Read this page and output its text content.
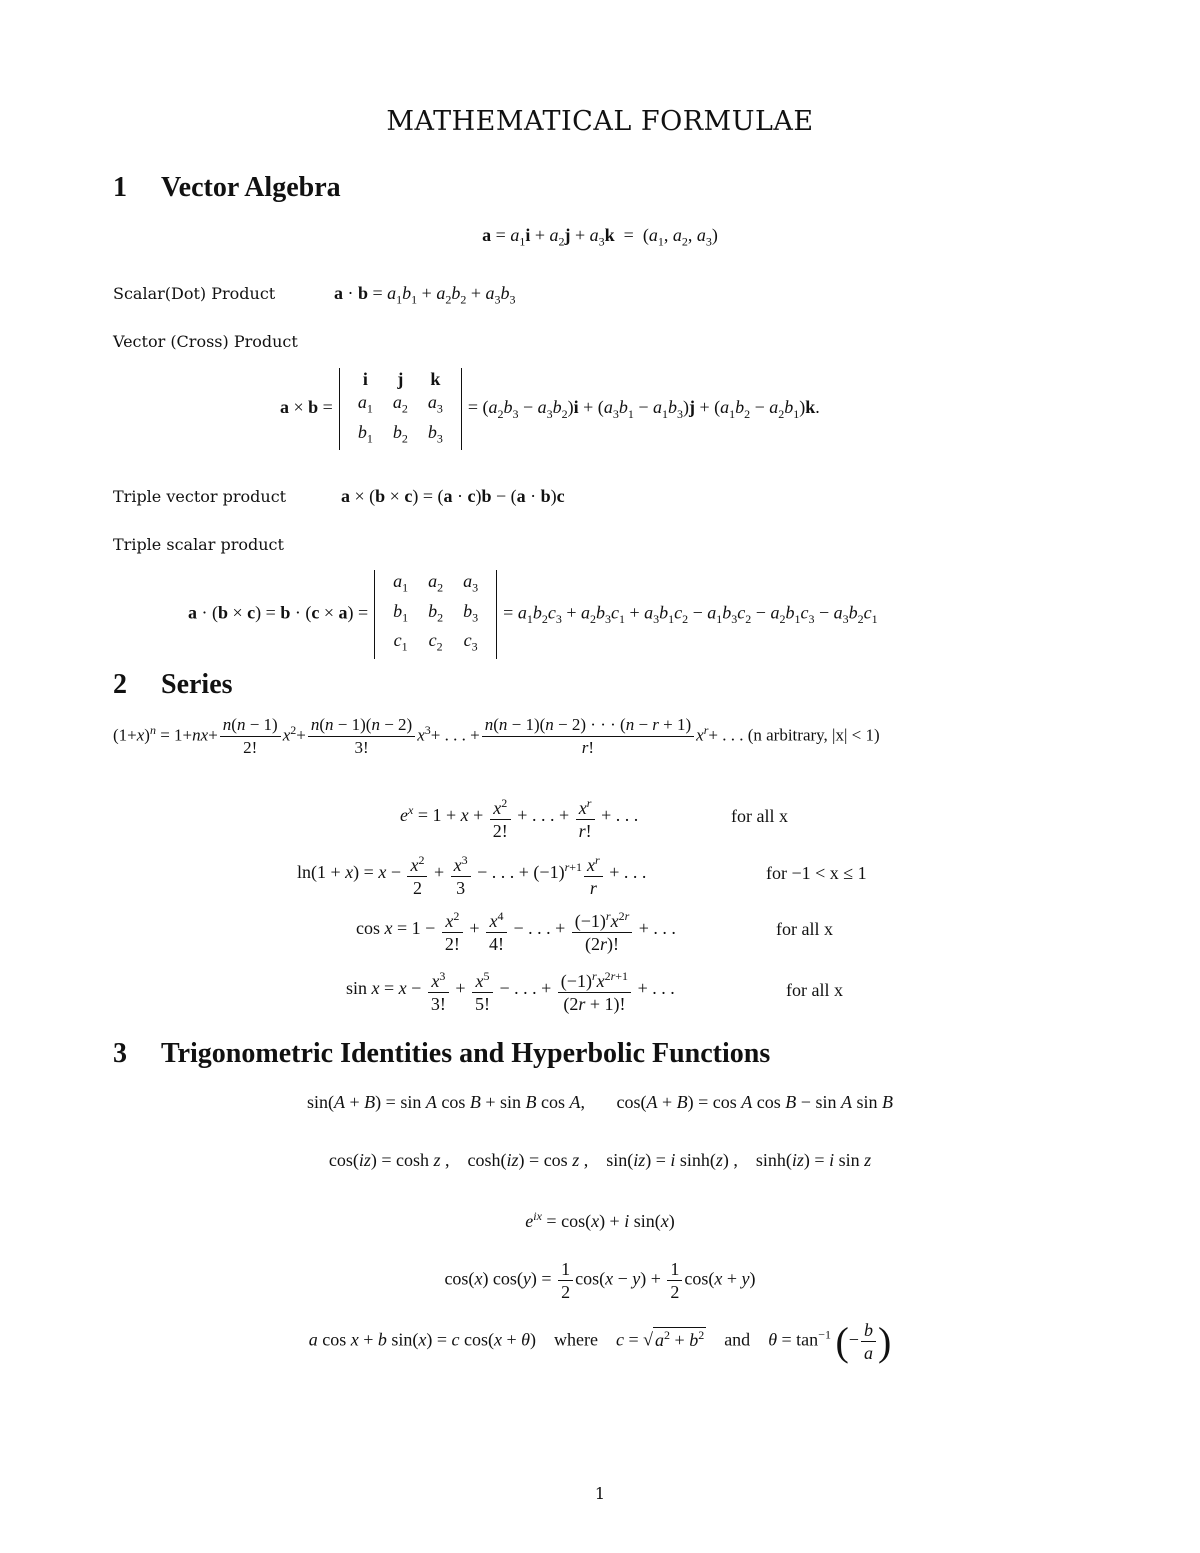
MATHEMATICAL FORMULAE
1 Vector Algebra
$a = a_1i + a_2j + a_3k = (a_1$, $a_2$, $a_3$)
Scalar(Dot) Product	$a \cdot b = a_1b_1 + a_2b_2 + a_3b_3$
Vector (Cross) Product
a × b =
i	j	k
$a_1$	$a_2$	$a_3$
$b_1$	$b_2$	$b_3$
= $(a_2b_3 - a_3b_2)i + (a_3b_1 - a_1b_3)j + (a_1b_2 - a_2b_1)k$.
Triple vector product	a × (b × c) = (a · c)b − (a · b)c
Triple scalar product
a · (b × c) = b · (c × a) =
$a_1$	$a_2$	$a_3$
$b_1$	$b_2$	$b_3$
$c_1$	$c_2$	$c_3$
= $a_1b_2c_3 + a_2b_3c_1 + a_3b_1c_2 - a_1b_3c_2 - a_2b_1c_3 - a_3b_2c_1$
2 Series
$(1+x)^n = 1+nx+ \frac{n(n - 1)}{2!} x^2+ \frac{n(n - 1)(n - 2)}{3!} x^3+$ . . . + $\frac{n(n - 1)(n - 2) \cdot \cdot \cdot (n - r + 1)}{r!} x^r+$ . . . (n arbitrary, |x| < 1)
$e^x = 1 + x + \frac{x^2}{2!}$ + . . . + $\frac{x^r}{r!}$ + . . .	for all x
$\ln(1 + x) = x - \frac{x^2}{2} + \frac{x^3}{3}$ − . . . + $(-1)^{r+1} \frac{x^r}{r}$ + . . .	for −1 < x ≤ 1
$\cos x = 1 - \frac{x^2}{2!} + \frac{x^4}{4!}$ − . . . + $\frac{(-1)^rx^{2r}}{(2r)!}$ + . . .	for all x
$\sin x = x - \frac{x^3}{3!} + \frac{x^5}{5!}$ − . . . + $\frac{(-1)^rx^{2r+1}}{(2r + 1)!}$ + . . .	for all x
3 Trigonometric Identities and Hyperbolic Functions
sin(A + B) = sin A cos B + sin B cos A,       cos(A + B) = cos A cos B − sin A sin B
cos(iz) = cosh z ,    cosh(iz) = cos z ,    sin(iz) = i sinh(z) ,    sinh(iz) = i sin z
$e^{ix} = \cos(x) + i$ sin(x)
cos(x) $\cos(y) = \frac{1}{2} \cos(x - y) + \frac{1}{2} \cos(x + y)$
a cos x + b sin(x) = c cos(x + θ)    where c = √ $a^2 + b^2$ and $\theta = \tan^{-1}$ (− $\frac{b}{a}$ )
1
